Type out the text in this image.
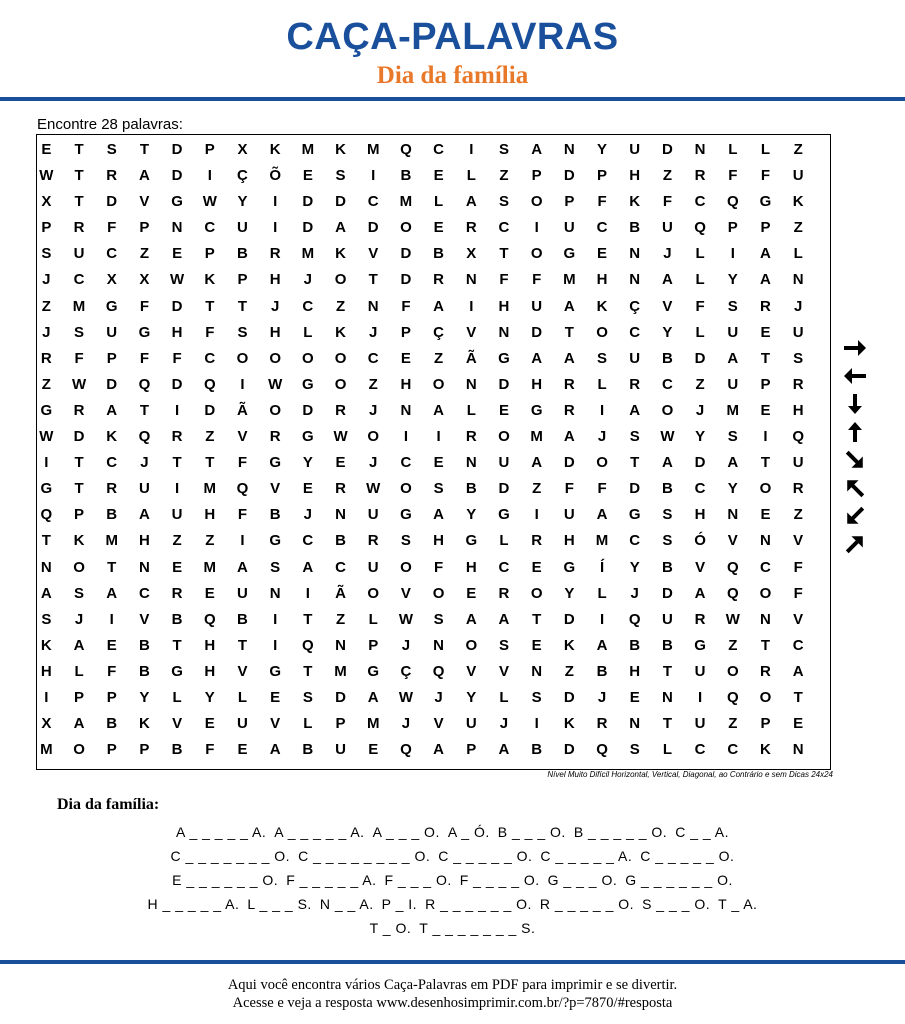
CAÇA-PALAVRAS
Dia da família
Encontre 28 palavras:
E	T	S	T	D	P	X	K	M	K	M	Q	C	I	S	A	N	Y	U	D	N	L	L	Z
W	T	R	A	D	I	Ç	Õ	E	S	I	B	E	L	Z	P	D	P	H	Z	R	F	F	U
X	T	D	V	G	W	Y	I	D	D	C	M	L	A	S	O	P	F	K	F	C	Q	G	K
P	R	F	P	N	C	U	I	D	A	D	O	E	R	C	I	U	C	B	U	Q	P	P	Z
S	U	C	Z	E	P	B	R	M	K	V	D	B	X	T	O	G	E	N	J	L	I	A	L
J	C	X	X	W	K	P	H	J	O	T	D	R	N	F	F	M	H	N	A	L	Y	A	N
Z	M	G	F	D	T	T	J	C	Z	N	F	A	I	H	U	A	K	Ç	V	F	S	R	J
J	S	U	G	H	F	S	H	L	K	J	P	Ç	V	N	D	T	O	C	Y	L	U	E	U
R	F	P	F	F	C	O	O	O	O	C	E	Z	Ã	G	A	A	S	U	B	D	A	T	S
Z	W	D	Q	D	Q	I	W	G	O	Z	H	O	N	D	H	R	L	R	C	Z	U	P	R
G	R	A	T	I	D	Ã	O	D	R	J	N	A	L	E	G	R	I	A	O	J	M	E	H
W	D	K	Q	R	Z	V	R	G	W	O	I	I	R	O	M	A	J	S	W	Y	S	I	Q
I	T	C	J	T	T	F	G	Y	E	J	C	E	N	U	A	D	O	T	A	D	A	T	U
G	T	R	U	I	M	Q	V	E	R	W	O	S	B	D	Z	F	F	D	B	C	Y	O	R
Q	P	B	A	U	H	F	B	J	N	U	G	A	Y	G	I	U	A	G	S	H	N	E	Z
T	K	M	H	Z	Z	I	G	C	B	R	S	H	G	L	R	H	M	C	S	Ó	V	N	V
N	O	T	N	E	M	A	S	A	C	U	O	F	H	C	E	G	Í	Y	B	V	Q	C	F
A	S	A	C	R	E	U	N	I	Ã	O	V	O	E	R	O	Y	L	J	D	A	Q	O	F
S	J	I	V	B	Q	B	I	T	Z	L	W	S	A	A	T	D	I	Q	U	R	W	N	V
K	A	E	B	T	H	T	I	Q	N	P	J	N	O	S	E	K	A	B	B	G	Z	T	C
H	L	F	B	G	H	V	G	T	M	G	Ç	Q	V	V	N	Z	B	H	T	U	O	R	A
I	P	P	Y	L	Y	L	E	S	D	A	W	J	Y	L	S	D	J	E	N	I	Q	O	T
X	A	B	K	V	E	U	V	L	P	M	J	V	U	J	I	K	R	N	T	U	Z	P	E
M	O	P	P	B	F	E	A	B	U	E	Q	A	P	A	B	D	Q	S	L	C	C	K	N
Nível Muito Difícil Horizontal, Vertical, Diagonal, ao Contrário e sem Dicas 24x24
Dia da família:
A _ _ _ _ _ A. A _ _ _ _ _ A. A _ _ _ O. A _ Ó. B _ _ _ O. B _ _ _ _ _ O. C _ _ A.
C _ _ _ _ _ _ _ O. C _ _ _ _ _ _ _ _ O. C _ _ _ _ _ O. C _ _ _ _ _ A. C _ _ _ _ _ O.
E _ _ _ _ _ _ O. F _ _ _ _ _ A. F _ _ _ O. F _ _ _ _ O. G _ _ _ O. G _ _ _ _ _ _ O.
H _ _ _ _ _ A. L _ _ _ S. N _ _ A. P _ I. R _ _ _ _ _ _ O. R _ _ _ _ _ O. S _ _ _ O. T _ A.
T _ O. T _ _ _ _ _ _ _ S.
Aqui você encontra vários Caça-Palavras em PDF para imprimir e se divertir.
Acesse e veja a resposta www.desenhosimprimir.com.br/?p=7870/#resposta
